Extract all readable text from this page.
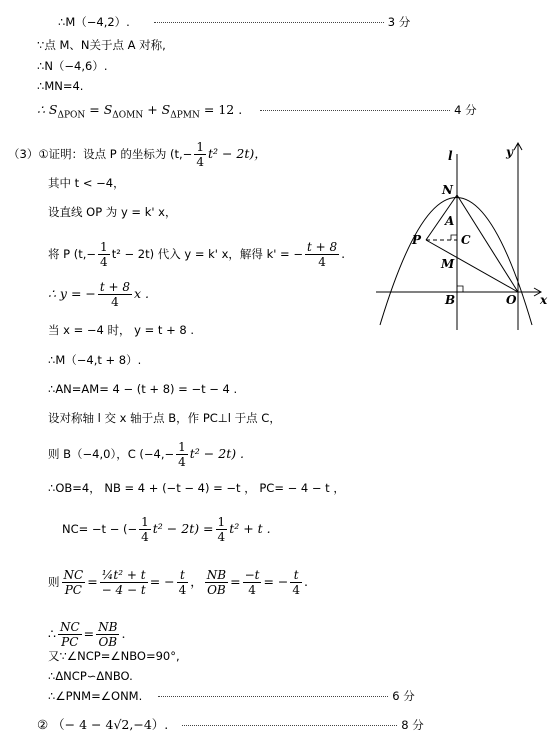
∴M（−4,2）.	3 分
∵点 M、N关于点 A 对称,
∴N（−4,6）.
∴MN=4.
∴ $S_{\Delta PON} = S_{\Delta OMN} + S_{\Delta PMN} = 12$ .	4 分
（3）①证明：设点 P 的坐标为 $(t,- \frac{1}{4} t^2 - 2t)$，
其中 t < −4，
设直线 OP 为 y = k' x，
将 P $(t,- \frac{1}{4} t^2 - 2t)$ 代入 y = k' x，解得 k' = − $\frac{t + 8}{4}$ .
∴ y = − $\frac{t + 8}{4}$ x .
当 x = −4 时， y = t + 8 .
∴M（−4,t + 8）.
∴AN=AM= 4 − (t + 8) = −t − 4 .
设对称轴 l 交 x 轴于点 B，作 PC⊥l 于点 C，
则 B（−4,0），C $(-4,- \frac{1}{4} t^2 - 2t)$ .
∴OB=4， NB = 4 + (−t − 4) = −t ， PC= − 4 − t ，
NC= −t − (− $\frac{1}{4} t^2 - 2t) = \frac{1}{4} t^2 + t$ .
则 $\frac{NC}{PC} = \frac{\text{¼t² + t}}{- 4 - t}$ = − $\frac{t}{4}$ ， $\frac{NB}{OB} = \frac{-t}{4}$ = − $\frac{t}{4}$ .
∴ $\frac{NC}{PC} = \frac{NB}{OB}$ .
又∵∠NCP=∠NBO=90°,
∴ΔNCP∽ΔNBO.
∴∠PNM=∠ONM.	6 分
② （− 4 − 4√2,−4）.	8 分
l	y
N
A
P	C
M
B	O x
